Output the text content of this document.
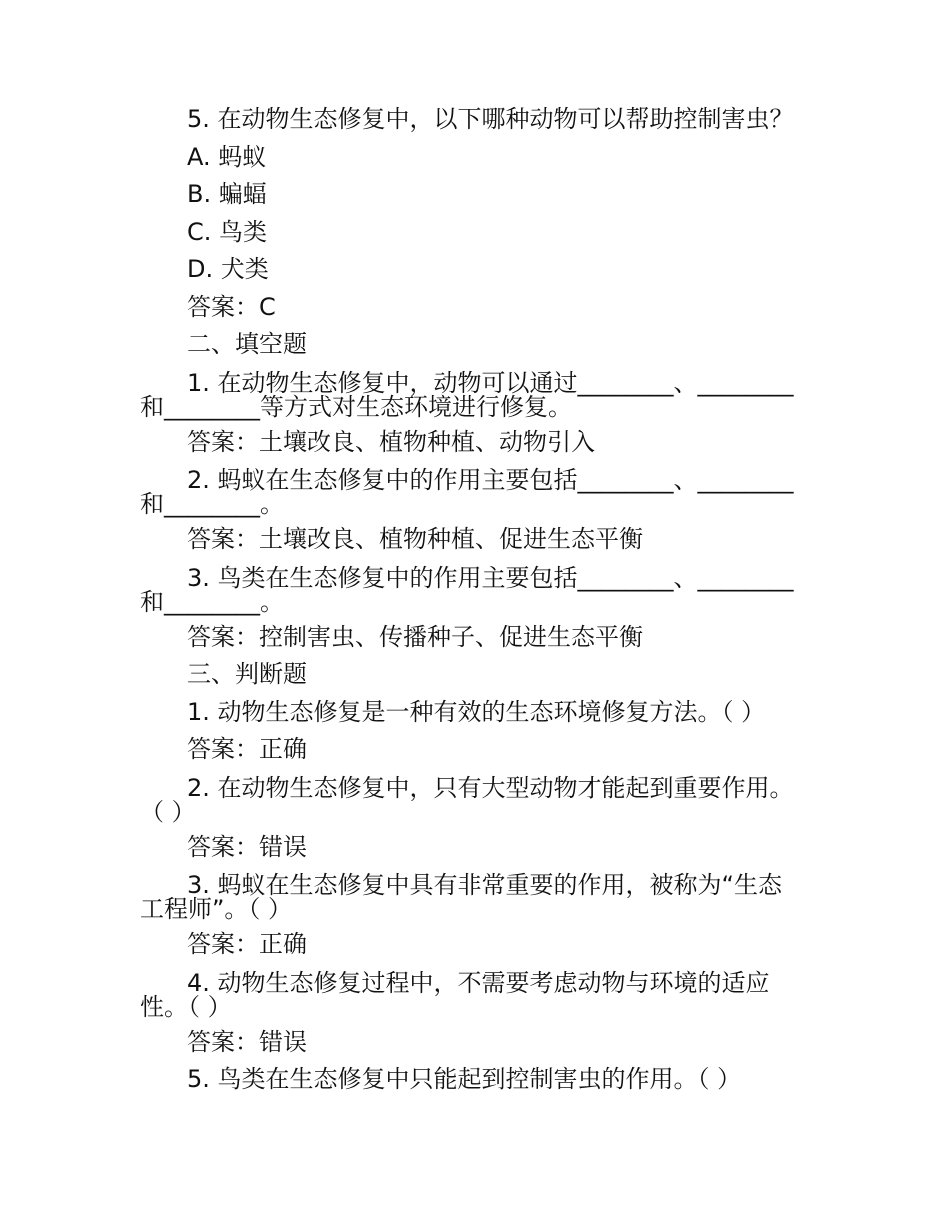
5. 在动物生态修复中，以下哪种动物可以帮助控制害虫？
A. 蚂蚁
B. 蝙蝠
C. 鸟类
D. 犬类
答案：C
二、填空题
1. 在动物生态修复中，动物可以通过________、________
和________等方式对生态环境进行修复。
答案：土壤改良、植物种植、动物引入
2. 蚂蚁在生态修复中的作用主要包括________、________
和________。
答案：土壤改良、植物种植、促进生态平衡
3. 鸟类在生态修复中的作用主要包括________、________
和________。
答案：控制害虫、传播种子、促进生态平衡
三、判断题
1. 动物生态修复是一种有效的生态环境修复方法。（ ）
答案：正确
2. 在动物生态修复中，只有大型动物才能起到重要作用。
（ ）
答案：错误
3. 蚂蚁在生态修复中具有非常重要的作用，被称为“生态
工程师”。（ ）
答案：正确
4. 动物生态修复过程中，不需要考虑动物与环境的适应
性。（ ）
答案：错误
5. 鸟类在生态修复中只能起到控制害虫的作用。（ ）
